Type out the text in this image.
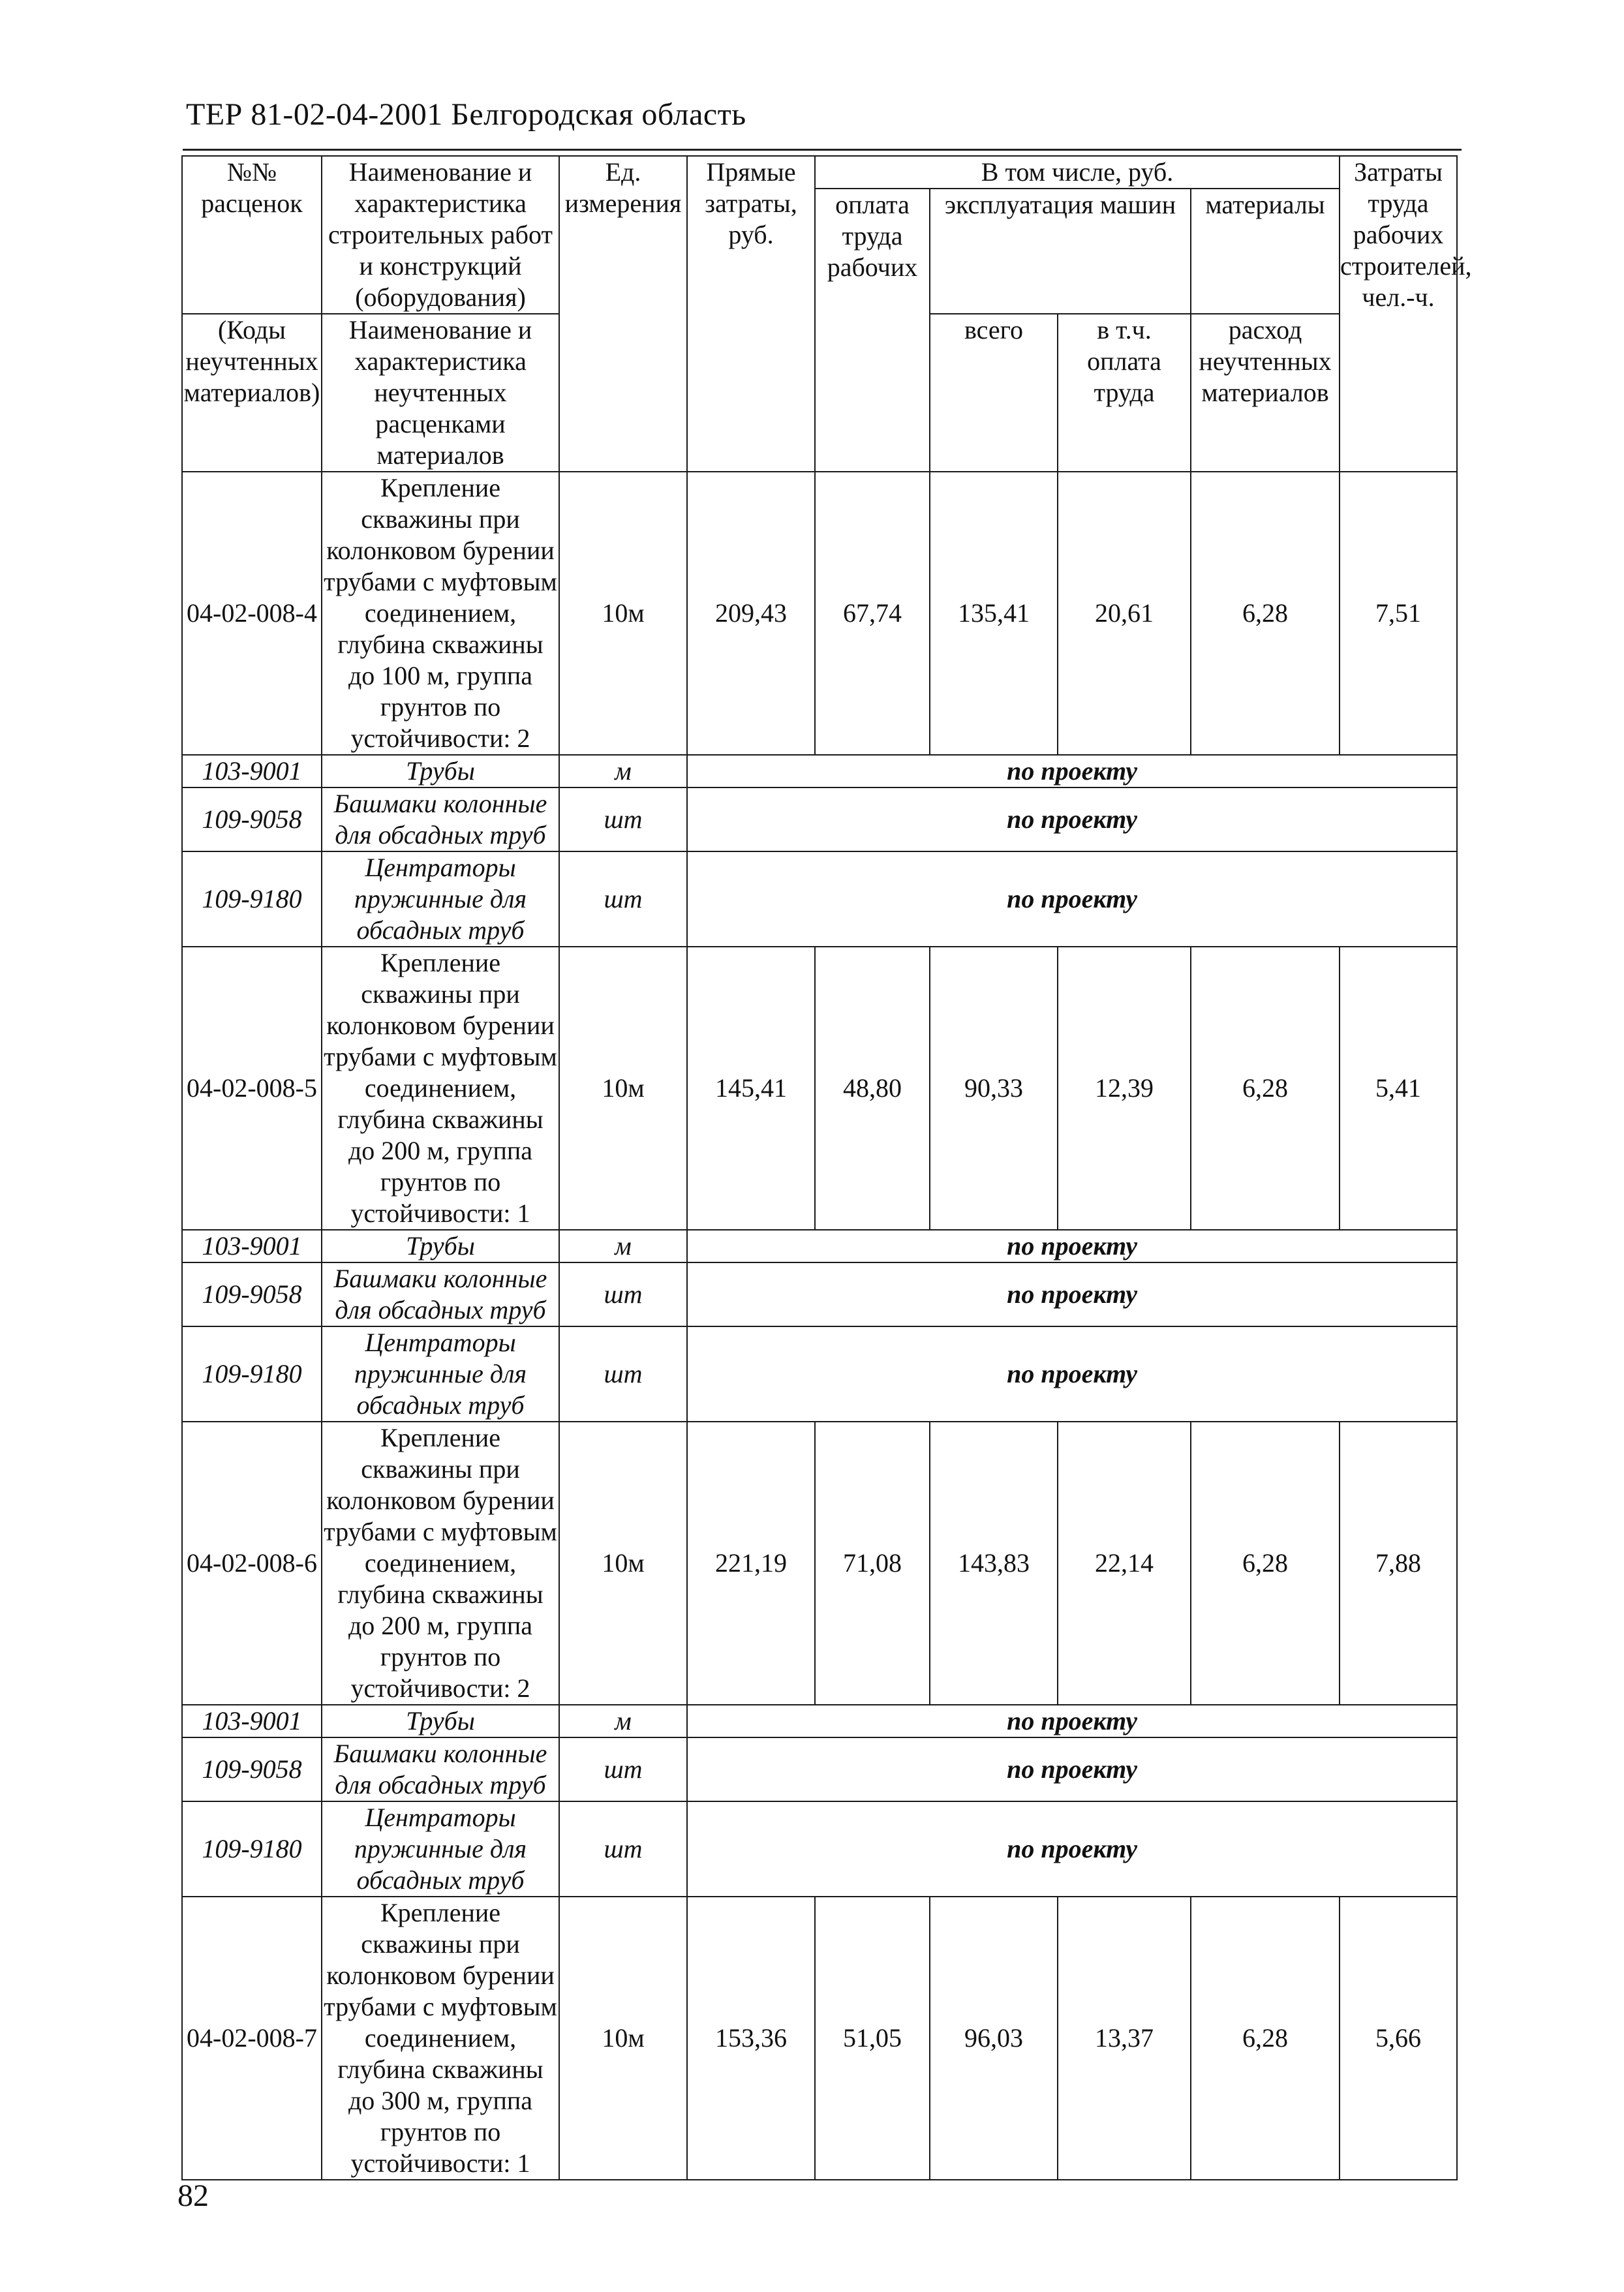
ТЕР 81-02-04-2001 Белгородская область
№№ расценок	Наименование и характеристика строительных работ и конструкций (оборудования)	Ед. измерения	Прямые затраты, руб.	В том числе, руб.				Затраты труда рабочих строителей, чел.-ч.
				оплата труда рабочих	эксплуатация машин		материалы	
(Коды неучтенных материалов)	Наименование и характеристика неучтенных расценками материалов				всего	в т.ч. оплата труда	расход неучтенных материалов	
04-02-008-4	Крепление скважины при колонковом бурении трубами с муфтовым соединением, глубина скважины до 100 м, группа грунтов по устойчивости: 2	10м	209,43	67,74	135,41	20,61	6,28	7,51
103-9001	Трубы	м	по проекту					
109-9058	Башмаки колонные для обсадных труб	шт	по проекту					
109-9180	Центраторы пружинные для обсадных труб	шт	по проекту					
04-02-008-5	Крепление скважины при колонковом бурении трубами с муфтовым соединением, глубина скважины до 200 м, группа грунтов по устойчивости: 1	10м	145,41	48,80	90,33	12,39	6,28	5,41
103-9001	Трубы	м	по проекту					
109-9058	Башмаки колонные для обсадных труб	шт	по проекту					
109-9180	Центраторы пружинные для обсадных труб	шт	по проекту					
04-02-008-6	Крепление скважины при колонковом бурении трубами с муфтовым соединением, глубина скважины до 200 м, группа грунтов по устойчивости: 2	10м	221,19	71,08	143,83	22,14	6,28	7,88
103-9001	Трубы	м	по проекту					
109-9058	Башмаки колонные для обсадных труб	шт	по проекту					
109-9180	Центраторы пружинные для обсадных труб	шт	по проекту					
04-02-008-7	Крепление скважины при колонковом бурении трубами с муфтовым соединением, глубина скважины до 300 м, группа грунтов по устойчивости: 1	10м	153,36	51,05	96,03	13,37	6,28	5,66
82
